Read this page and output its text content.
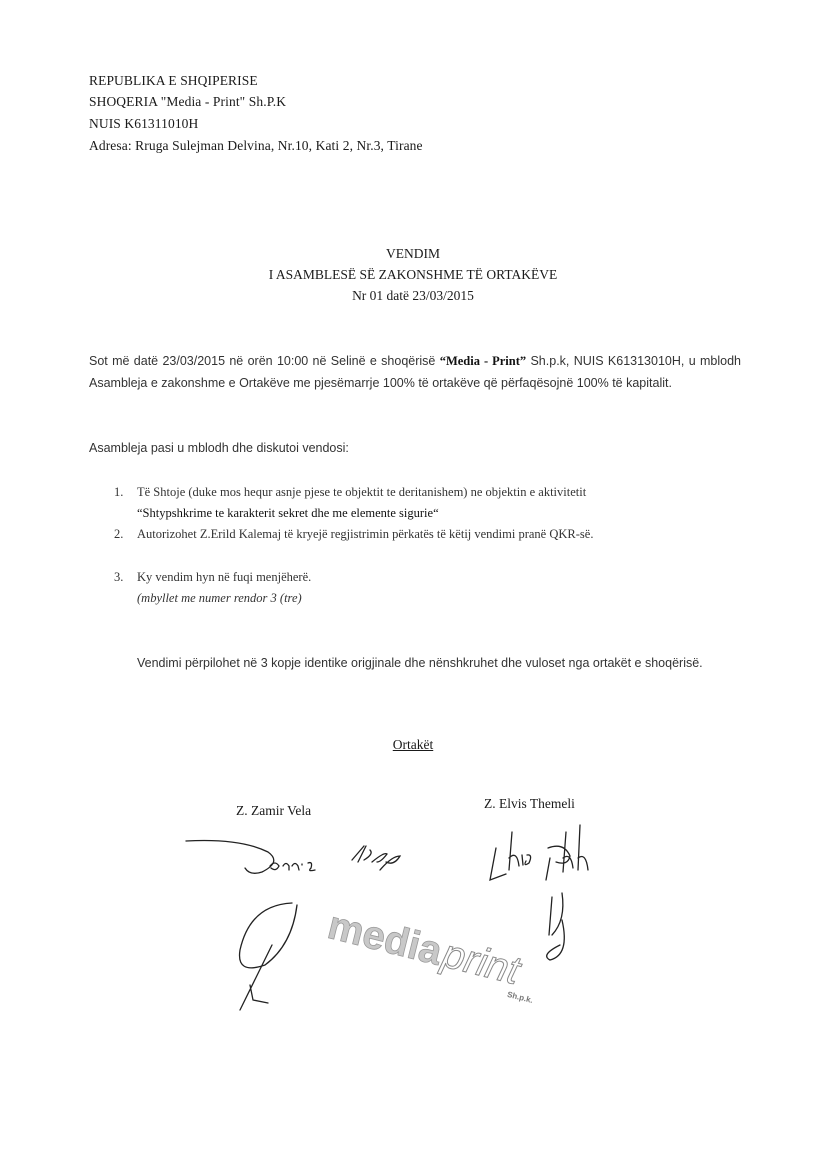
REPUBLIKA E SHQIPERISE
SHOQERIA "Media - Print" Sh.P.K
NUIS K61311010H
Adresa: Rruga Sulejman Delvina, Nr.10, Kati 2, Nr.3, Tirane
VENDIM
I ASAMBLESË SË ZAKONSHME TË ORTAKËVE
Nr 01 datë 23/03/2015
Sot më datë 23/03/2015 në orën 10:00 në Selinë e shoqërisë “Media - Print” Sh.p.k, NUIS K61313010H, u mblodh Asambleja e zakonshme e Ortakëve me pjesëmarrje 100% të ortakëve që përfaqësojnë 100% të kapitalit.
Asambleja pasi u mblodh dhe diskutoi vendosi:
1. Të Shtoje (duke mos hequr asnje pjese te objektit te deritanishem) ne objektin e aktivitetit
“Shtypshkrime te karakterit sekret dhe me elemente sigurie“
2. Autorizohet Z.Erild Kalemaj të kryejë regjistrimin përkatës të këtij vendimi pranë QKR-së.
3. Ky vendim hyn në fuqi menjëherë.
(mbyllet me numer rendor 3 (tre)
Vendimi përpilohet në 3 kopje identike origjinale dhe nënshkruhet dhe vuloset nga ortakët e shoqërisë.
Ortakët
Z. Zamir Vela	Z. Elvis Themeli
media
print
Sh.p.k.
